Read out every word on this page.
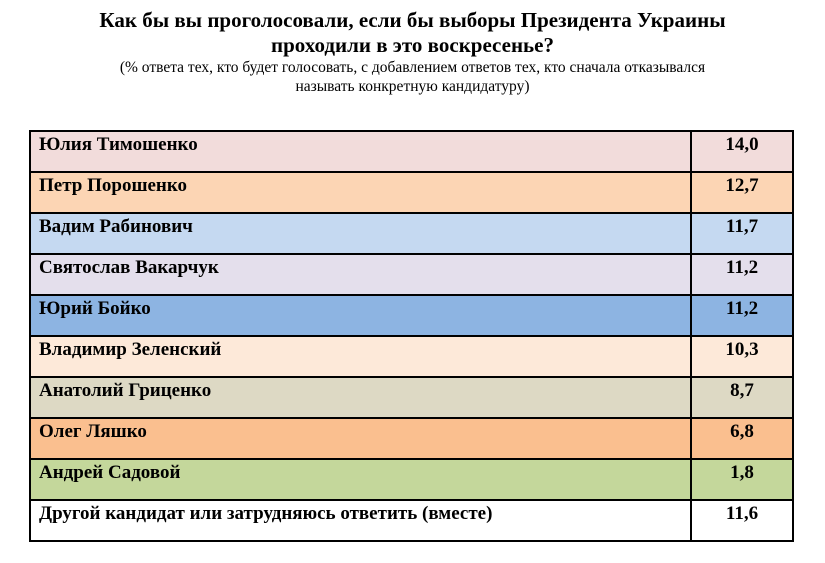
Как бы вы проголосовали, если бы выборы Президента Украины
проходили в это воскресенье?
(% ответа тех, кто будет голосовать, с добавлением ответов тех, кто сначала отказывался
называть конкретную кандидатуру)
Юлия Тимошенко	14,0
Петр Порошенко	12,7
Вадим Рабинович	11,7
Святослав Вакарчук	11,2
Юрий Бойко	11,2
Владимир Зеленский	10,3
Анатолий Гриценко	8,7
Олег Ляшко	6,8
Андрей Садовой	1,8
Другой кандидат или затрудняюсь ответить (вместе)	11,6
